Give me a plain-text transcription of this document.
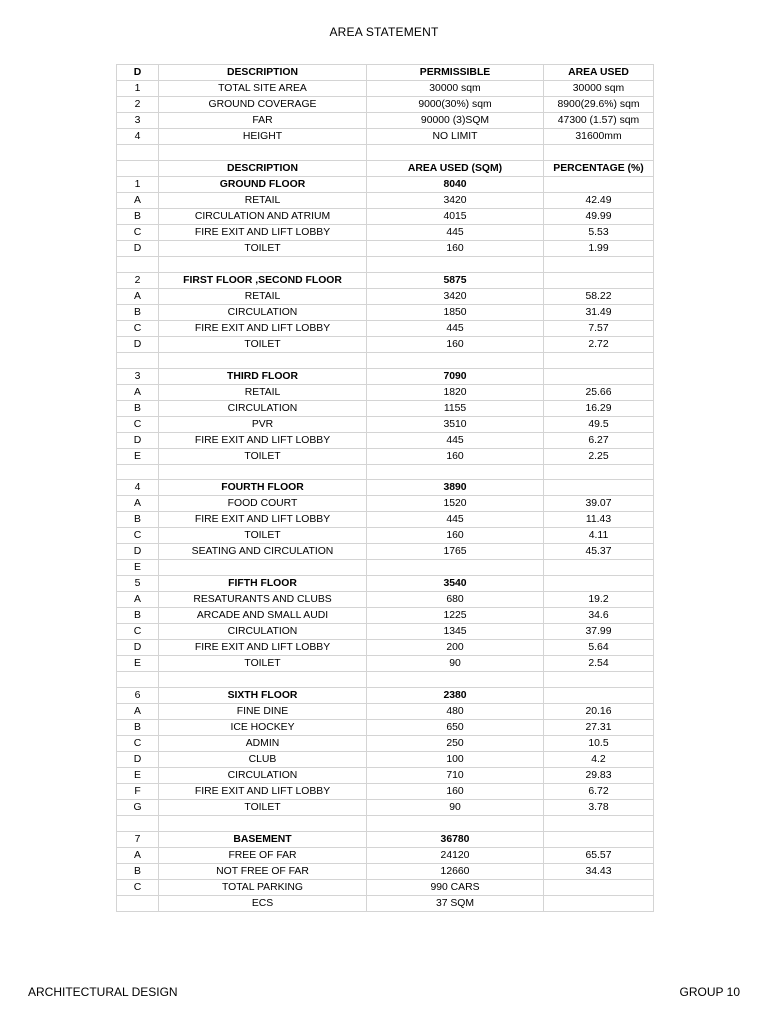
AREA STATEMENT
D	DESCRIPTION	PERMISSIBLE	AREA USED
1	TOTAL SITE AREA	30000 sqm	30000 sqm
2	GROUND COVERAGE	9000(30%) sqm	8900(29.6%) sqm
3	FAR	90000 (3)SQM	47300 (1.57) sqm
4	HEIGHT	NO LIMIT	31600mm

	DESCRIPTION	AREA USED (SQM)	PERCENTAGE (%)
1	GROUND FLOOR	8040	
A	RETAIL	3420	42.49
B	CIRCULATION AND ATRIUM	4015	49.99
C	FIRE EXIT AND LIFT LOBBY	445	5.53
D	TOILET	160	1.99

2	FIRST FLOOR ,SECOND FLOOR	5875	
A	RETAIL	3420	58.22
B	CIRCULATION	1850	31.49
C	FIRE EXIT AND LIFT LOBBY	445	7.57
D	TOILET	160	2.72

3	THIRD FLOOR	7090	
A	RETAIL	1820	25.66
B	CIRCULATION	1155	16.29
C	PVR	3510	49.5
D	FIRE EXIT AND LIFT LOBBY	445	6.27
E	TOILET	160	2.25

4	FOURTH FLOOR	3890	
A	FOOD COURT	1520	39.07
B	FIRE EXIT AND LIFT LOBBY	445	11.43
C	TOILET	160	4.11
D	SEATING AND CIRCULATION	1765	45.37
E			
5	FIFTH FLOOR	3540	
A	RESATURANTS AND CLUBS	680	19.2
B	ARCADE AND SMALL AUDI	1225	34.6
C	CIRCULATION	1345	37.99
D	FIRE EXIT AND LIFT LOBBY	200	5.64
E	TOILET	90	2.54

6	SIXTH FLOOR	2380	
A	FINE DINE	480	20.16
B	ICE HOCKEY	650	27.31
C	ADMIN	250	10.5
D	CLUB	100	4.2
E	CIRCULATION	710	29.83
F	FIRE EXIT AND LIFT LOBBY	160	6.72
G	TOILET	90	3.78

7	BASEMENT	36780	
A	FREE OF FAR	24120	65.57
B	NOT FREE OF FAR	12660	34.43
C	TOTAL PARKING	990 CARS	
	ECS	37 SQM	
ARCHITECTURAL DESIGN	GROUP 10
